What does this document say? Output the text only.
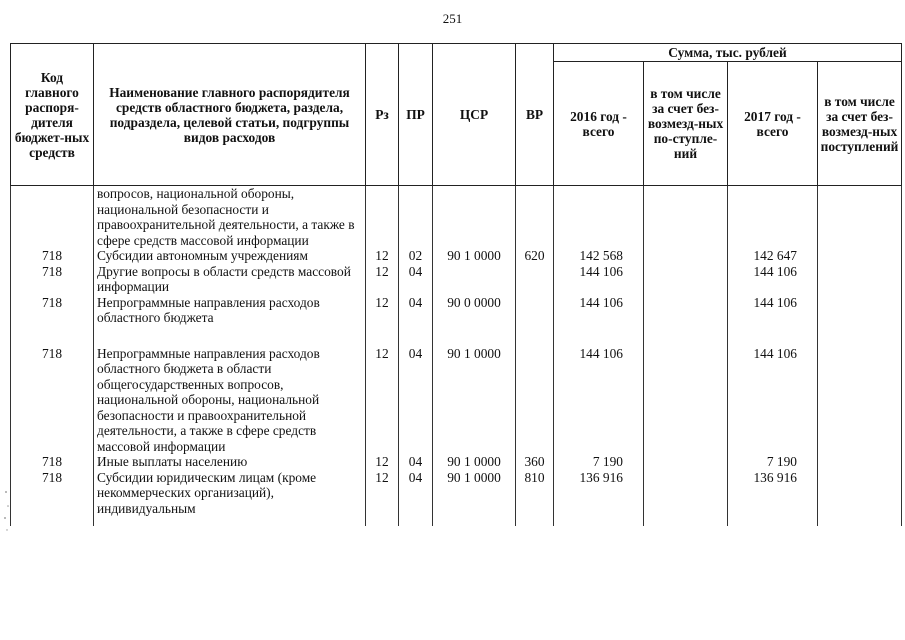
251
Код главного распоря-дителя бюджет-ных средств	Наименование главного распорядителя средств областного бюджета, раздела, подраздела, целевой статьи, подгруппы видов расходов	Рз	ПР	ЦСР	ВР	Сумма, тыс. рублей			
						2016 год - всего	в том числе за счет без-возмезд-ных по-ступле-ний	2017 год - всего	в том числе за счет без-возмезд-ных поступлений
	вопросов, национальной обороны, национальной безопасности и правоохранительной деятельности, а также в сфере средств массовой информации								
718	Субсидии автономным учреждениям	12	02	90 1 0000	620	142 568		142 647	
718	Другие вопросы в области средств массовой информации	12	04			144 106		144 106	
718	Непрограммные направления расходов областного бюджета	12	04	90 0 0000		144 106		144 106	
718	Непрограммные направления расходов областного бюджета в области общегосударственных вопросов, национальной обороны, национальной безопасности и правоохранительной деятельности, а также в сфере средств массовой информации	12	04	90 1 0000		144 106		144 106	
718	Иные выплаты населению	12	04	90 1 0000	360	7 190		7 190	
718	Субсидии юридическим лицам (кроме некоммерческих организаций), индивидуальным	12	04	90 1 0000	810	136 916		136 916	
